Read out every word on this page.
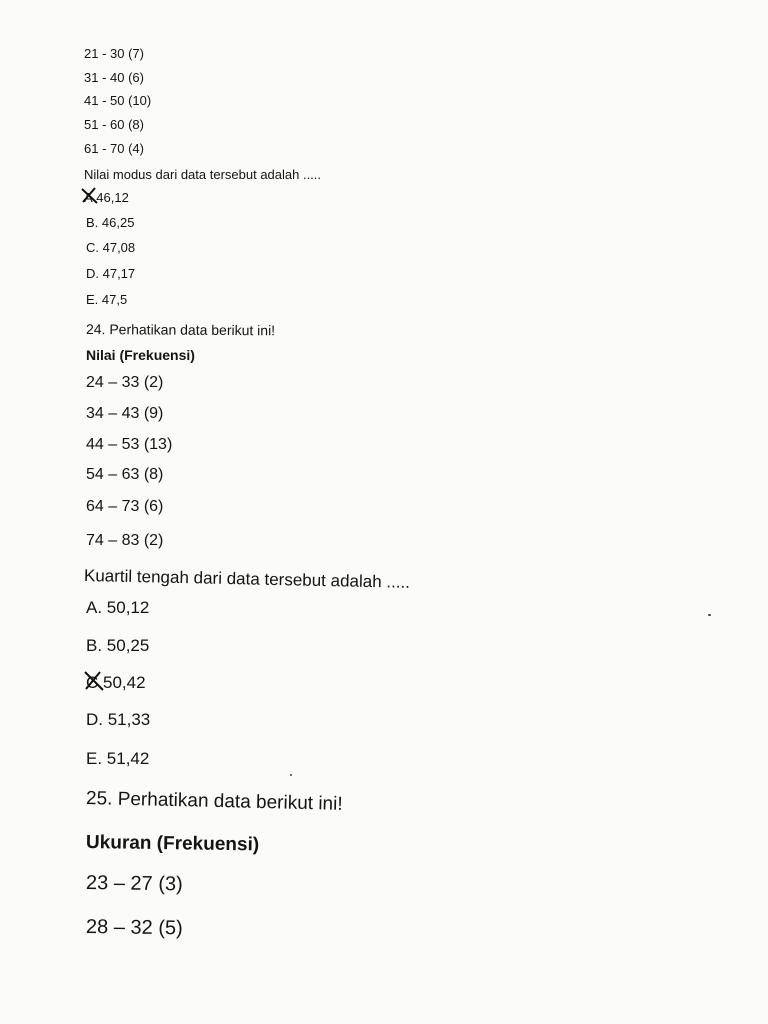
21 - 30 (7)
31 - 40 (6)
41 - 50 (10)
51 - 60 (8)
61 - 70 (4)
Nilai modus dari data tersebut adalah .....
A 46,12
B. 46,25
C. 47,08
D. 47,17
E. 47,5
24. Perhatikan data berikut ini!
Nilai (Frekuensi)
24 – 33 (2)
34 – 43 (9)
44 – 53 (13)
54 – 63 (8)
64 – 73 (6)
74 – 83 (2)
Kuartil tengah dari data tersebut adalah .....
A. 50,12
B. 50,25
C 50,42
D. 51,33
E. 51,42
25. Perhatikan data berikut ini!
Ukuran (Frekuensi)
23 – 27 (3)
28 – 32 (5)
